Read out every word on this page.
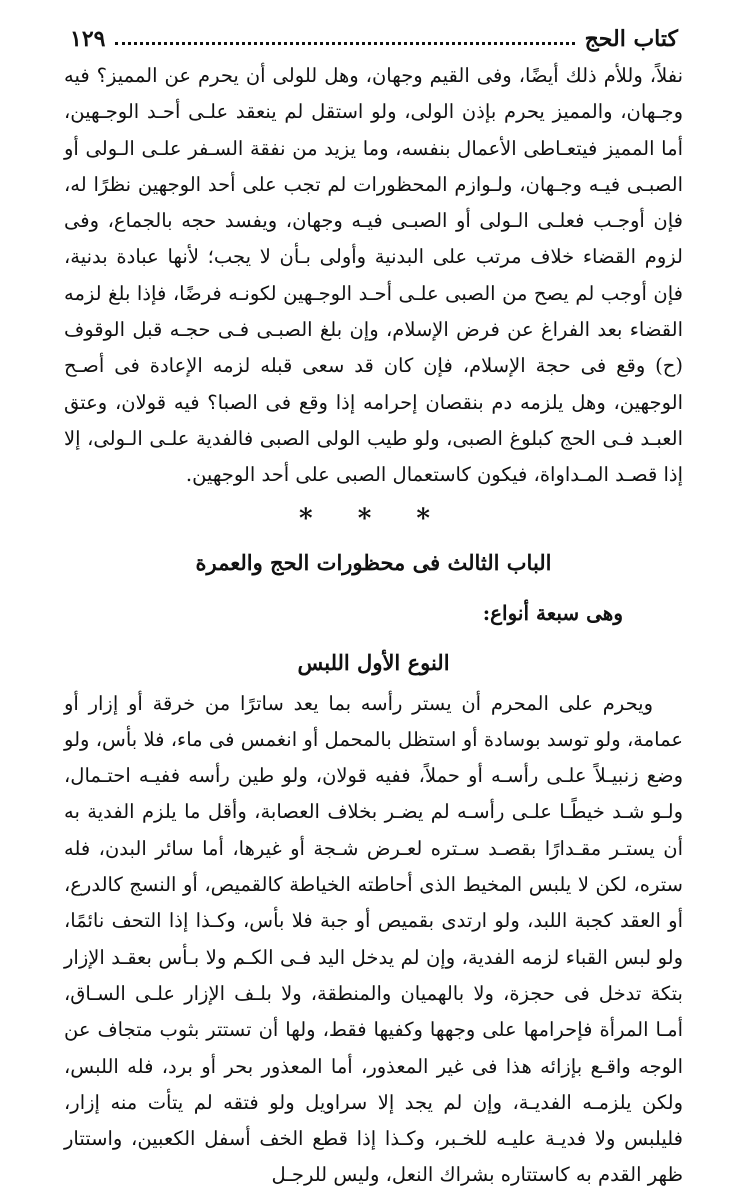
كتاب الحج
١٢٩

نفلاً، وللأم ذلك أيضًا، وفى القيم وجهان، وهل للولى أن يحرم عن المميز؟ فيه وجـهان، والمميز يحرم بإذن الولى، ولو استقل لم ينعقد علـى أحـد الوجـهين، أما المميز فيتعـاطى الأعمال بنفسه، وما يزيد من نفقة السـفر علـى الـولى أو الصبـى فيـه وجـهان، ولـوازم المحظورات لم تجب على أحد الوجهين نظرًا له، فإن أوجـب فعلـى الـولى أو الصبـى فيـه وجهان، ويفسد حجه بالجماع، وفى لزوم القضاء خلاف مرتب على البدنية وأولى بـأن لا يجب؛ لأنها عبادة بدنية، فإن أوجب لم يصح من الصبى علـى أحـد الوجـهين لكونـه فرضًا، فإذا بلغ لزمه القضاء بعد الفراغ عن فرض الإسلام، وإن بلغ الصبـى فـى حجـه قبل الوقوف (ح) وقع فى حجة الإسلام، فإن كان قد سعى قبله لزمه الإعادة فى أصـح الوجهين، وهل يلزمه دم بنقصان إحرامه إذا وقع فى الصبا؟ فيه قولان، وعتق العبـد فـى الحج كبلوغ الصبى، ولو طيب الولى الصبى فالفدية علـى الـولى، إلا إذا قصـد المـداواة، فيكون كاستعمال الصبى على أحد الوجهين.

* * *
الباب الثالث فى محظورات الحج والعمرة
وهى سبعة أنواع:
النوع الأول اللبس

ويحرم على المحرم أن يستر رأسه بما يعد ساترًا من خرقة أو إزار أو عمامة، ولو توسد بوسادة أو استظل بالمحمل أو انغمس فى ماء، فلا بأس، ولو وضع زنبيـلاً علـى رأسـه أو حملاً، ففيه قولان، ولو طين رأسه ففيـه احتـمال، ولـو شـد خيطًـا علـى رأسـه لم يضـر بخلاف العصابة، وأقل ما يلزم الفدية به أن يستـر مقـدارًا بقصـد سـتره لعـرض شـجة أو غيرها، أما سائر البدن، فله ستره، لكن لا يلبس المخيط الذى أحاطته الخياطة كالقميص، أو النسج كالدرع، أو العقد كجبة اللبد، ولو ارتدى بقميص أو جبة فلا بأس، وكـذا إذا التحف نائمًا، ولو لبس القباء لزمه الفدية، وإن لم يدخل اليد فـى الكـم ولا بـأس بعقـد الإزار بتكة تدخل فى حجزة، ولا بالهميان والمنطقة، ولا بلـف الإزار علـى السـاق، أمـا المرأة فإحرامها على وجهها وكفيها فقط، ولها أن تستتر بثوب متجاف عن الوجه واقـع بإزائه هذا فى غير المعذور، أما المعذور بحر أو برد، فله اللبس، ولكن يلزمـه الفديـة، وإن لم يجد إلا سراويل ولو فتقه لم يتأت منه إزار، فليلبس ولا فديـة عليـه للخـبر، وكـذا إذا قطع الخف أسفل الكعبين، واستتار ظهر القدم به كاستتاره بشراك النعل، وليس للرجـل
